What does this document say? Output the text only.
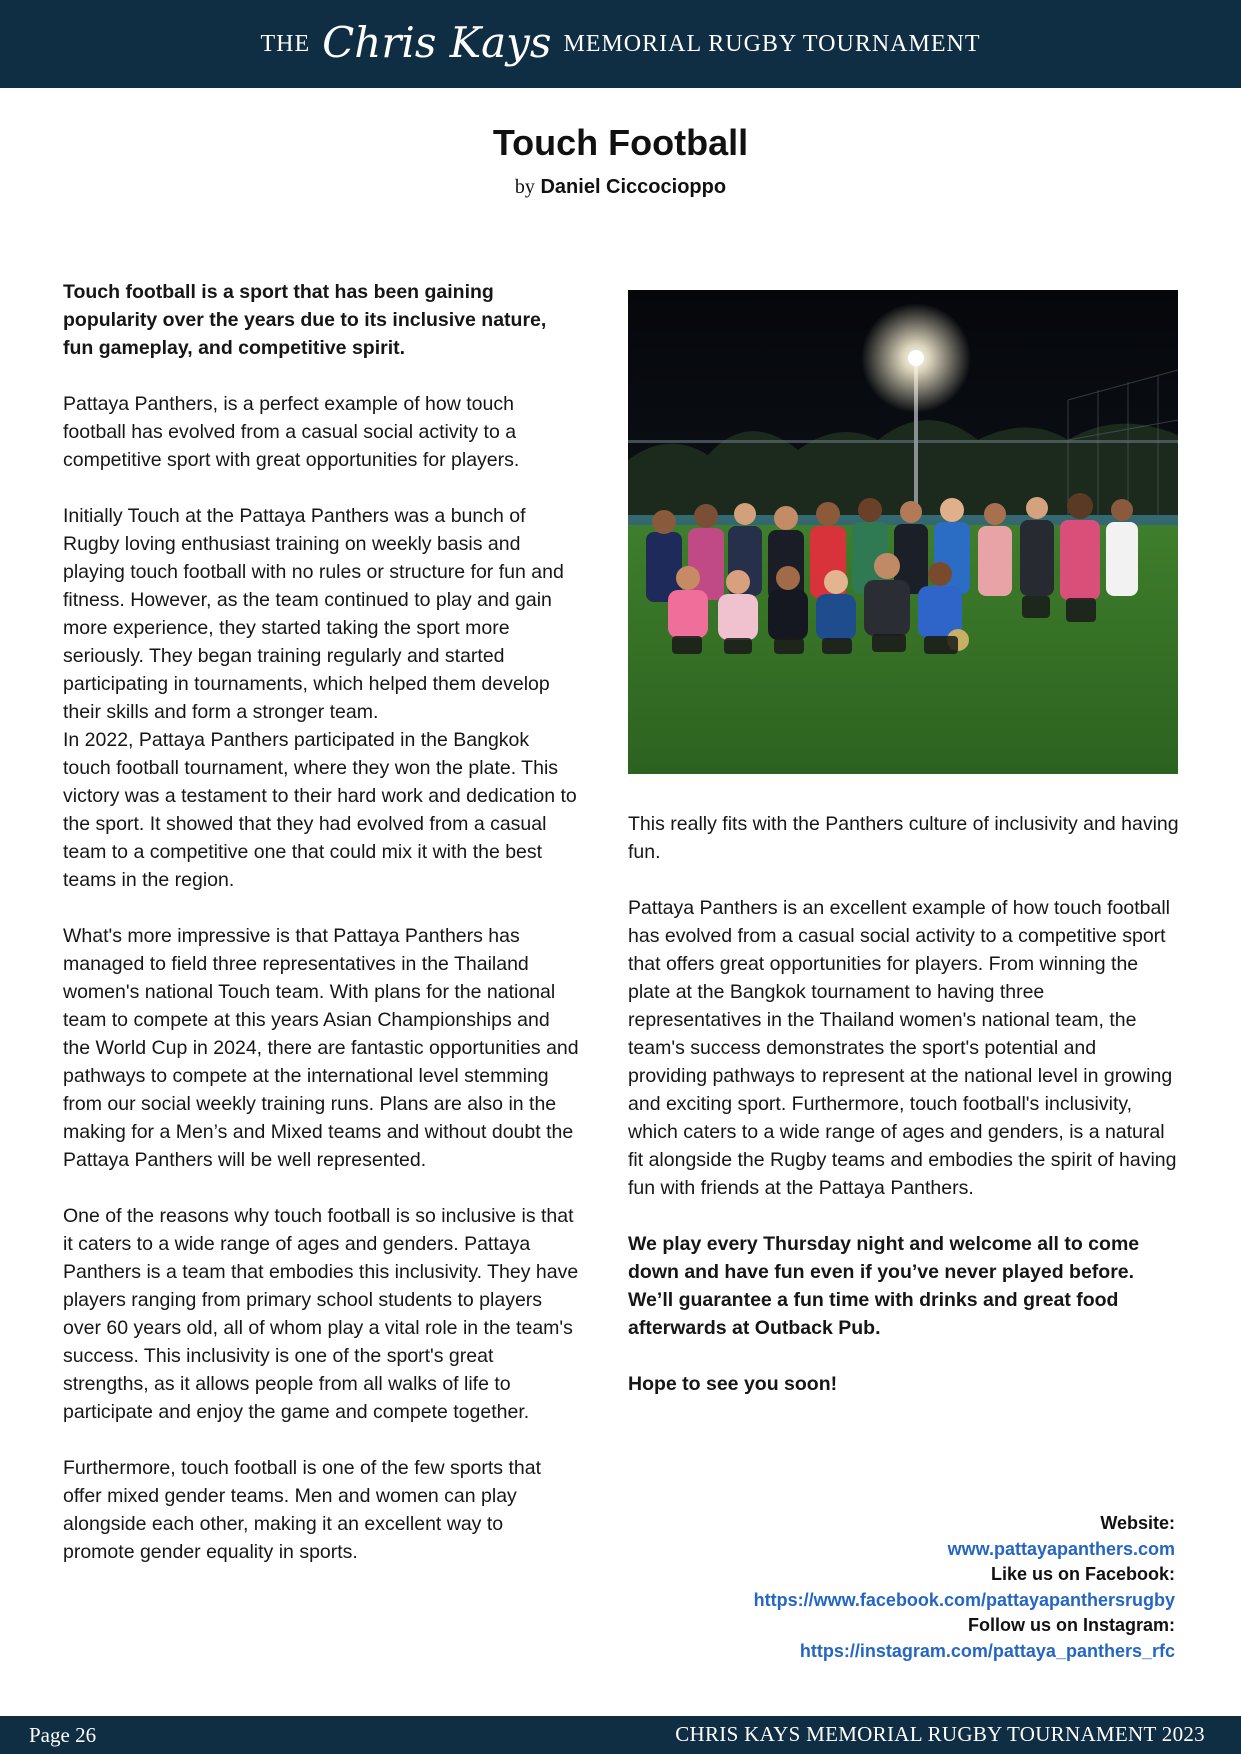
THE Chris Kays MEMORIAL RUGBY TOURNAMENT
Touch Football
by Daniel Ciccocioppo

Touch football is a sport that has been gaining popularity over the years due to its inclusive nature, fun gameplay, and competitive spirit.

Pattaya Panthers, is a perfect example of how touch football has evolved from a casual social activity to a competitive sport with great opportunities for players.

Initially Touch at the Pattaya Panthers was a bunch of Rugby loving enthusiast training on weekly basis and playing touch football with no rules or structure for fun and fitness. However, as the team continued to play and gain more experience, they started taking the sport more seriously. They began training regularly and started participating in tournaments, which helped them develop their skills and form a stronger team.

In 2022, Pattaya Panthers participated in the Bangkok touch football tournament, where they won the plate. This victory was a testament to their hard work and dedication to the sport. It showed that they had evolved from a casual team to a competitive one that could mix it with the best teams in the region.

What's more impressive is that Pattaya Panthers has managed to field three representatives in the Thailand women's national Touch team. With plans for the national team to compete at this years Asian Championships and the World Cup in 2024, there are fantastic opportunities and pathways to compete at the international level stemming from our social weekly training runs. Plans are also in the making for a Men’s and Mixed teams and without doubt the Pattaya Panthers will be well represented.

One of the reasons why touch football is so inclusive is that it caters to a wide range of ages and genders. Pattaya Panthers is a team that embodies this inclusivity. They have players ranging from primary school students to players over 60 years old, all of whom play a vital role in the team's success. This inclusivity is one of the sport's great strengths, as it allows people from all walks of life to participate and enjoy the game and compete together.

Furthermore, touch football is one of the few sports that offer mixed gender teams. Men and women can play alongside each other, making it an excellent way to promote gender equality in sports.

This really fits with the Panthers culture of inclusivity and having fun.

Pattaya Panthers is an excellent example of how touch football has evolved from a casual social activity to a competitive sport that offers great opportunities for players. From winning the plate at the Bangkok tournament to having three representatives in the Thailand women's national team, the team's success demonstrates the sport's potential and providing pathways to represent at the national level in growing and exciting sport. Furthermore, touch football's inclusivity, which caters to a wide range of ages and genders, is a natural fit alongside the Rugby teams and embodies the spirit of having fun with friends at the Pattaya Panthers.

We play every Thursday night and welcome all to come down and have fun even if you’ve never played before. We’ll guarantee a fun time with drinks and great food afterwards at Outback Pub.

Hope to see you soon!

Website:
www.pattayapanthers.com
Like us on Facebook:
https://www.facebook.com/pattayapanthersrugby
Follow us on Instagram:
https://instagram.com/pattaya_panthers_rfc
Page 26	CHRIS KAYS MEMORIAL RUGBY TOURNAMENT 2023
